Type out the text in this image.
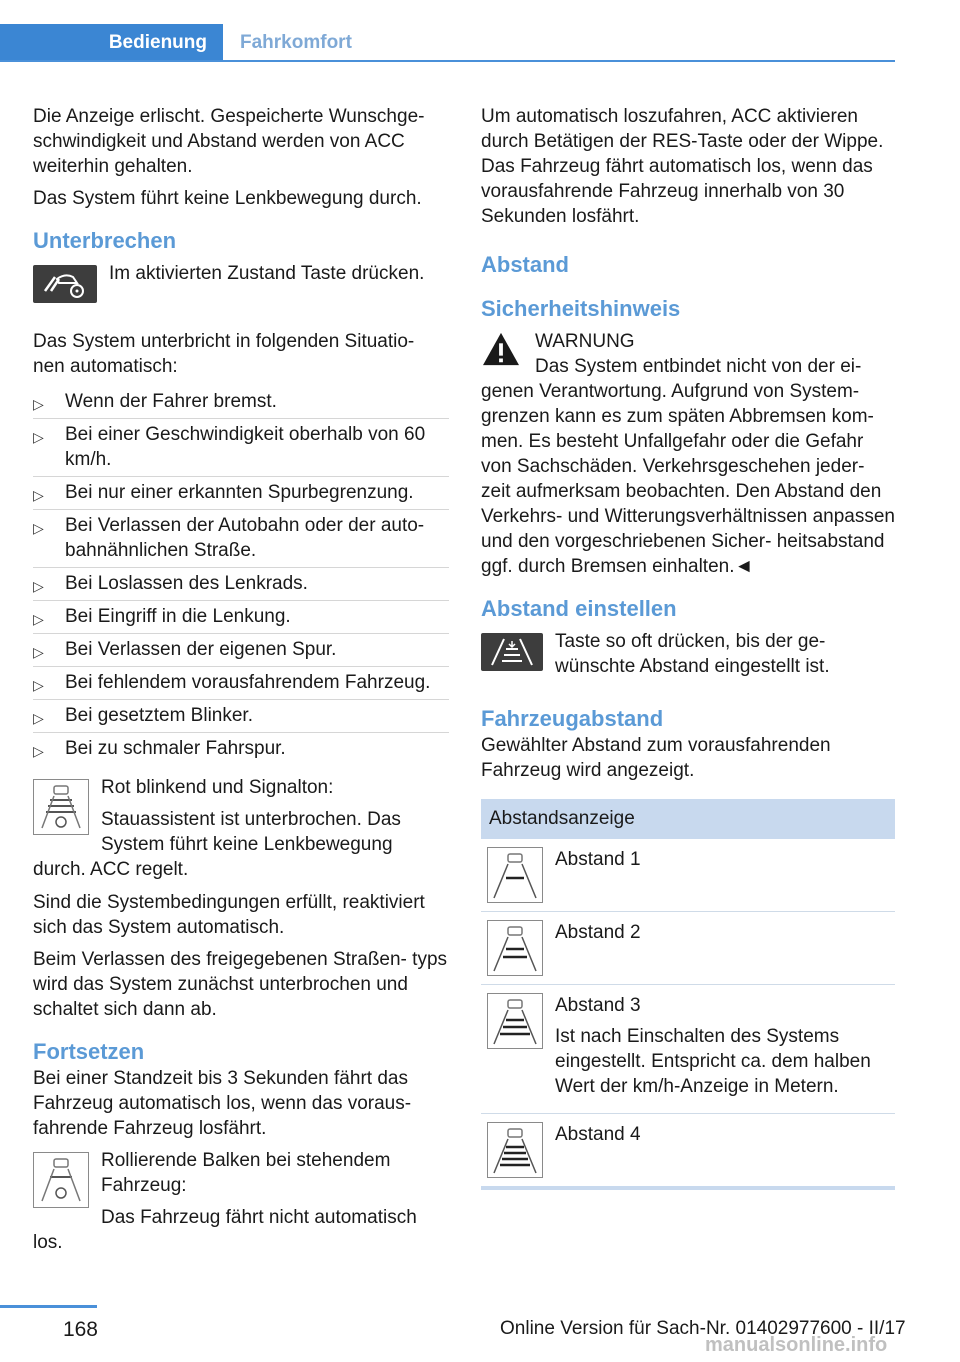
Bedienung	Fahrkomfort

Die Anzeige erlischt. Gespeicherte Wunschge‐ schwindigkeit und Abstand werden von ACC weiterhin gehalten.

Das System führt keine Lenkbewegung durch.

Unterbrechen

Im aktivierten Zustand Taste drücken.

Das System unterbricht in folgenden Situatio‐ nen automatisch:

▷ Wenn der Fahrer bremst.
▷ Bei einer Geschwindigkeit oberhalb von 60 km/h.
▷ Bei nur einer erkannten Spurbegrenzung.
▷ Bei Verlassen der Autobahn oder der auto‐ bahnähnlichen Straße.
▷ Bei Loslassen des Lenkrads.
▷ Bei Eingriff in die Lenkung.
▷ Bei Verlassen der eigenen Spur.
▷ Bei fehlendem vorausfahrendem Fahrzeug.
▷ Bei gesetztem Blinker.
▷ Bei zu schmaler Fahrspur.

Rot blinkend und Signalton:

Stauassistent ist unterbrochen. Das System führt keine Lenkbewegung durch. ACC regelt.

Sind die Systembedingungen erfüllt, reaktiviert sich das System automatisch.

Beim Verlassen des freigegebenen Straßen‐ typs wird das System zunächst unterbrochen und schaltet sich dann ab.

Fortsetzen

Bei einer Standzeit bis 3 Sekunden fährt das Fahrzeug automatisch los, wenn das voraus‐ fahrende Fahrzeug losfährt.

Rollierende Balken bei stehendem Fahrzeug:

Das Fahrzeug fährt nicht automatisch los.

Um automatisch loszufahren, ACC aktivieren durch Betätigen der RES-Taste oder der Wippe. Das Fahrzeug fährt automatisch los, wenn das vorausfahrende Fahrzeug innerhalb von 30 Sekunden losfährt.

Abstand
Sicherheitshinweis

WARNUNG

Das System entbindet nicht von der ei‐ genen Verantwortung. Aufgrund von System‐ grenzen kann es zum späten Abbremsen kom‐ men. Es besteht Unfallgefahr oder die Gefahr von Sachschäden. Verkehrsgeschehen jeder‐ zeit aufmerksam beobachten. Den Abstand den Verkehrs- und Witterungsverhältnissen anpassen und den vorgeschriebenen Sicher‐ heitsabstand ggf. durch Bremsen einhalten.◄

Abstand einstellen

Taste so oft drücken, bis der ge‐ wünschte Abstand eingestellt ist.

Fahrzeugabstand

Gewählter Abstand zum vorausfahrenden Fahrzeug wird angezeigt.

Abstandsanzeige	

Abstand 1

Abstand 2

Abstand 3

Ist nach Einschalten des Systems eingestellt. Entspricht ca. dem halben Wert der km/h-Anzeige in Metern.

Abstand 4

168	Online Version für Sach-Nr. 01402977600 - II/17
manualsonline.info
